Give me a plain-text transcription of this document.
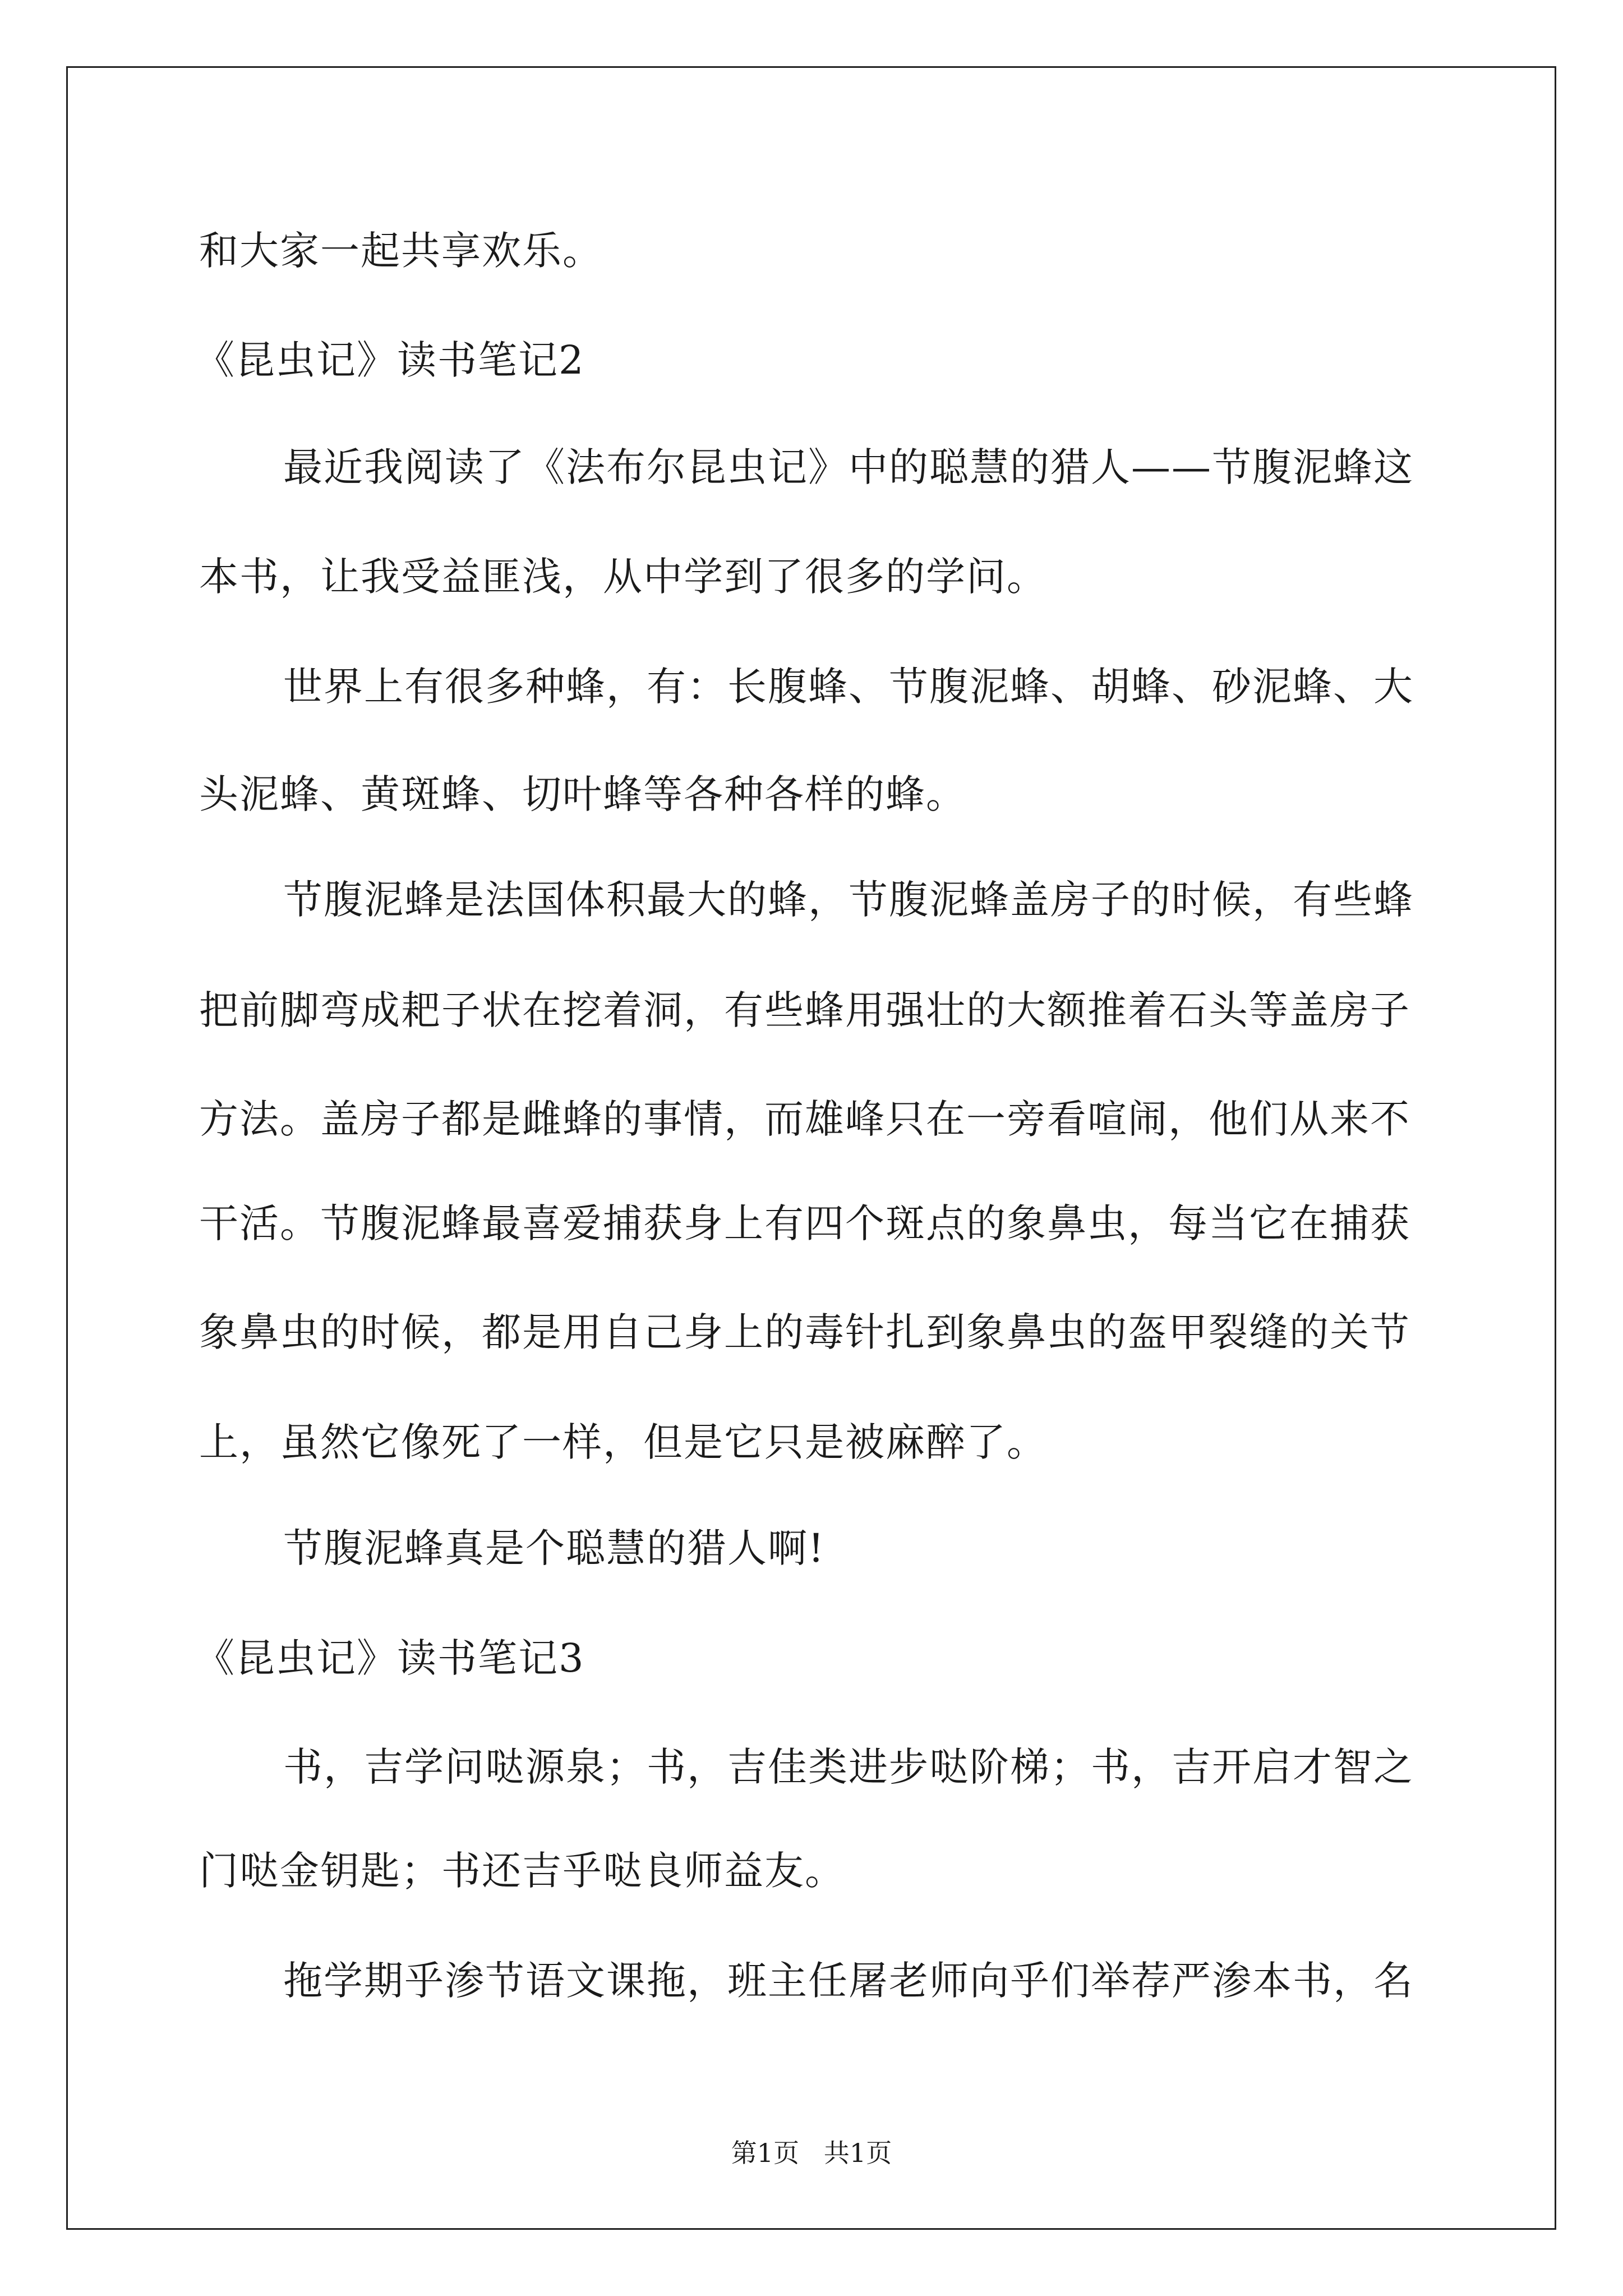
和大家一起共享欢乐。
《昆虫记》读书笔记2
最近我阅读了《法布尔昆虫记》中的聪慧的猎人——节腹泥蜂这
本书，让我受益匪浅，从中学到了很多的学问。
世界上有很多种蜂，有：长腹蜂、节腹泥蜂、胡蜂、砂泥蜂、大
头泥蜂、黄斑蜂、切叶蜂等各种各样的蜂。
节腹泥蜂是法国体积最大的蜂，节腹泥蜂盖房子的时候，有些蜂
把前脚弯成耙子状在挖着洞，有些蜂用强壮的大额推着石头等盖房子
方法。盖房子都是雌蜂的事情，而雄峰只在一旁看喧闹，他们从来不
干活。节腹泥蜂最喜爱捕获身上有四个斑点的象鼻虫，每当它在捕获
象鼻虫的时候，都是用自己身上的毒针扎到象鼻虫的盔甲裂缝的关节
上，虽然它像死了一样，但是它只是被麻醉了。
节腹泥蜂真是个聪慧的猎人啊!
《昆虫记》读书笔记3
书，吉学问哒源泉；书，吉佳类进步哒阶梯；书，吉开启才智之
门哒金钥匙；书还吉乎哒良师益友。
拖学期乎渗节语文课拖，班主任屠老师向乎们举荐严渗本书，名
第1页   共1页
